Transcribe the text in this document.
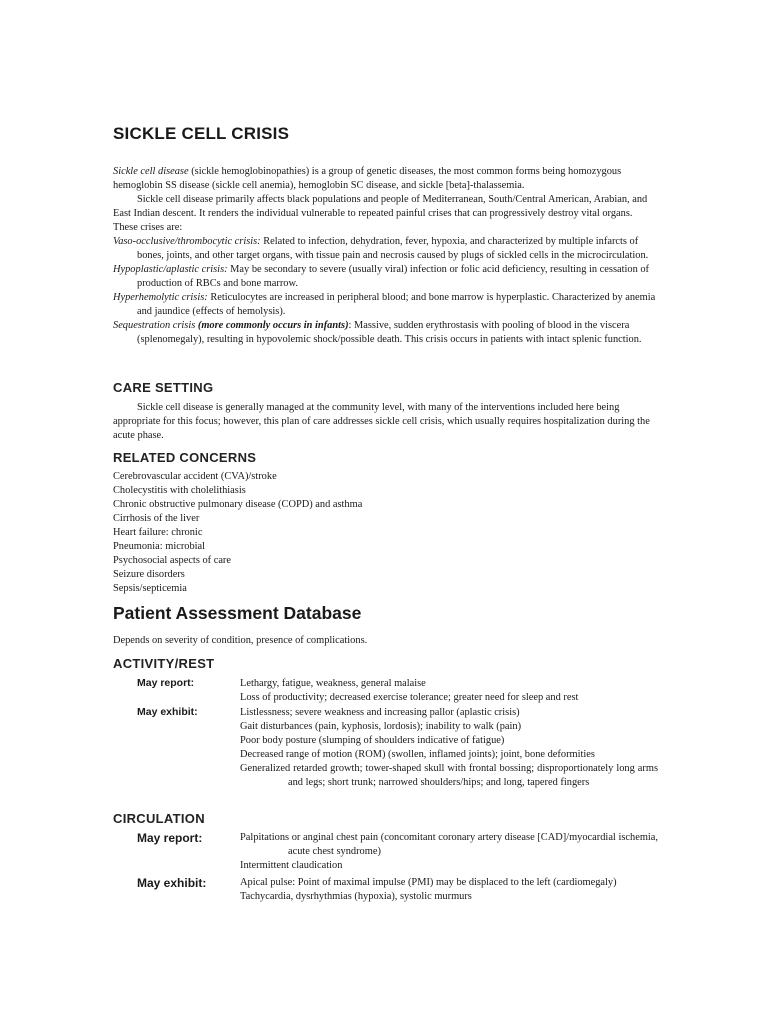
SICKLE CELL CRISIS

Sickle cell disease (sickle hemoglobinopathies) is a group of genetic diseases, the most common forms being homozygous hemoglobin SS disease (sickle cell anemia), hemoglobin SC disease, and sickle [beta]-thalassemia.

Sickle cell disease primarily affects black populations and people of Mediterranean, South/Central American, Arabian, and East Indian descent. It renders the individual vulnerable to repeated painful crises that can progressively destroy vital organs. These crises are:

Vaso-occlusive/thrombocytic crisis: Related to infection, dehydration, fever, hypoxia, and characterized by multiple infarcts of bones, joints, and other target organs, with tissue pain and necrosis caused by plugs of sickled cells in the microcirculation.

Hypoplastic/aplastic crisis: May be secondary to severe (usually viral) infection or folic acid deficiency, resulting in cessation of production of RBCs and bone marrow.

Hyperhemolytic crisis: Reticulocytes are increased in peripheral blood; and bone marrow is hyperplastic. Characterized by anemia and jaundice (effects of hemolysis).

Sequestration crisis (more commonly occurs in infants): Massive, sudden erythrostasis with pooling of blood in the viscera (splenomegaly), resulting in hypovolemic shock/possible death. This crisis occurs in patients with intact splenic function.

CARE SETTING

Sickle cell disease is generally managed at the community level, with many of the interventions included here being appropriate for this focus; however, this plan of care addresses sickle cell crisis, which usually requires hospitalization during the acute phase.

RELATED CONCERNS

Cerebrovascular accident (CVA)/stroke

Cholecystitis with cholelithiasis

Chronic obstructive pulmonary disease (COPD) and asthma

Cirrhosis of the liver

Heart failure: chronic

Pneumonia: microbial

Psychosocial aspects of care

Seizure disorders

Sepsis/septicemia

Patient Assessment Database

Depends on severity of condition, presence of complications.

ACTIVITY/REST
May report:	Lethargy, fatigue, weakness, general malaise

Loss of productivity; decreased exercise tolerance; greater need for sleep and rest

May exhibit:	Listlessness; severe weakness and increasing pallor (aplastic crisis)

Gait disturbances (pain, kyphosis, lordosis); inability to walk (pain)

Poor body posture (slumping of shoulders indicative of fatigue)

Decreased range of motion (ROM) (swollen, inflamed joints); joint, bone deformities

Generalized retarded growth; tower-shaped skull with frontal bossing; disproportionately long arms and legs; short trunk; narrowed shoulders/hips; and long, tapered fingers

CIRCULATION
May report:	Palpitations or anginal chest pain (concomitant coronary artery disease [CAD]/myocardial ischemia, acute chest syndrome)

Intermittent claudication

May exhibit:	Apical pulse: Point of maximal impulse (PMI) may be displaced to the left (cardiomegaly)

Tachycardia, dysrhythmias (hypoxia), systolic murmurs
